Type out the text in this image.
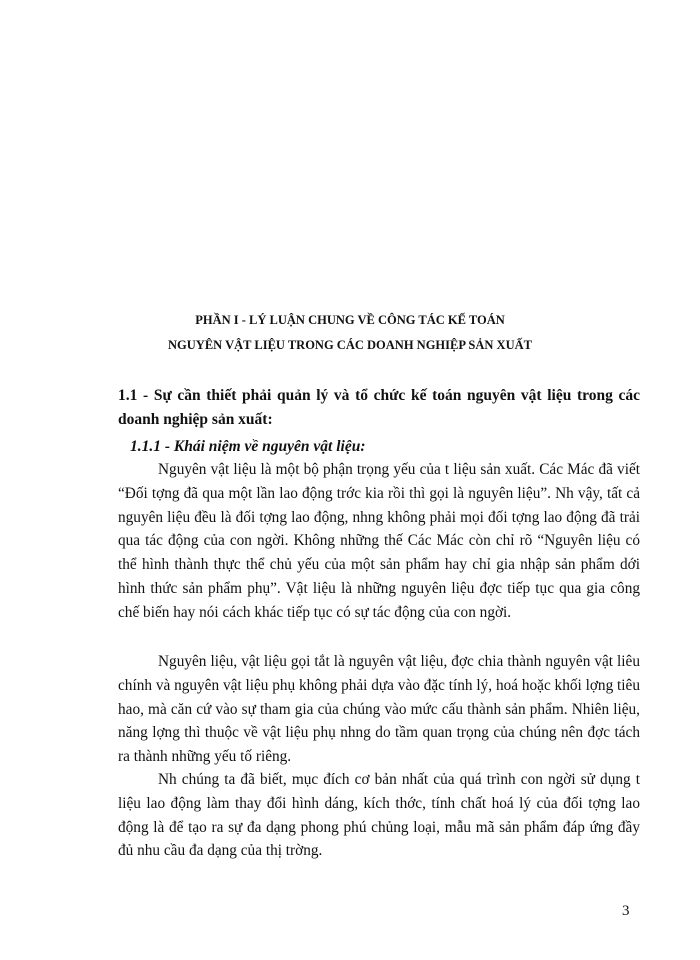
PHẦN I - LÝ LUẬN CHUNG VỀ CÔNG TÁC KẾ TOÁN
NGUYÊN VẬT LIỆU TRONG CÁC DOANH NGHIỆP SẢN XUẤT
1.1 - Sự cần thiết phải quản lý và tổ chức kế toán nguyên vật liệu trong các doanh nghiệp sản xuất:
1.1.1 - Khái niệm về nguyên vật liệu:

Nguyên vật liệu là một bộ phận trọng yếu của t liệu sản xuất. Các Mác đã viết “Đối tợng đã qua một lần lao động trớc kia rồi thì gọi là nguyên liệu”. Nh vậy, tất cả nguyên liệu đều là đối tợng lao động, nhng không phải mọi đối tợng lao động đã trải qua tác động của con ngời. Không những thế Các Mác còn chỉ rõ “Nguyên liệu có thể hình thành thực thể chủ yếu của một sản phẩm hay chỉ gia nhập sản phẩm dới hình thức sản phẩm phụ”. Vật liệu là những nguyên liệu đợc tiếp tục qua gia công chế biến hay nói cách khác tiếp tục có sự tác động của con ngời.

Nguyên liệu, vật liệu gọi tắt là nguyên vật liệu, đợc chia thành nguyên vật liêu chính và nguyên vật liệu phụ không phải dựa vào đặc tính lý, hoá hoặc khối lợng tiêu hao, mà căn cứ vào sự tham gia của chúng vào mức cấu thành sản phẩm. Nhiên liệu, năng lợng thì thuộc về vật liệu phụ nhng do tầm quan trọng của chúng nên đợc tách ra thành những yếu tố riêng.

Nh chúng ta đã biết, mục đích cơ bản nhất của quá trình con ngời sử dụng t liệu lao động làm thay đổi hình dáng, kích thớc, tính chất hoá lý của đối tợng lao động là để tạo ra sự đa dạng phong phú chủng loại, mẫu mã sản phẩm đáp ứng đầy đủ nhu cầu đa dạng của thị trờng.

3
